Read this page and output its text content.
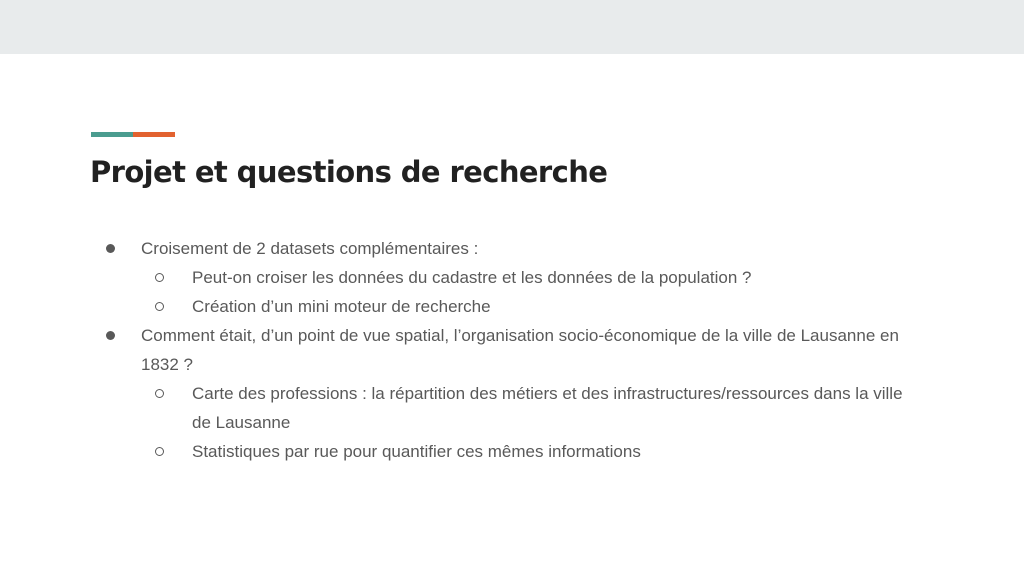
Projet et questions de recherche
Croisement de 2 datasets complémentaires :
Peut-on croiser les données du cadastre et les données de la population ?
Création d’un mini moteur de recherche
Comment était, d’un point de vue spatial, l’organisation socio-économique de la ville de Lausanne en
1832 ?
Carte des professions : la répartition des métiers et des infrastructures/ressources dans la ville
de Lausanne
Statistiques par rue pour quantifier ces mêmes informations
